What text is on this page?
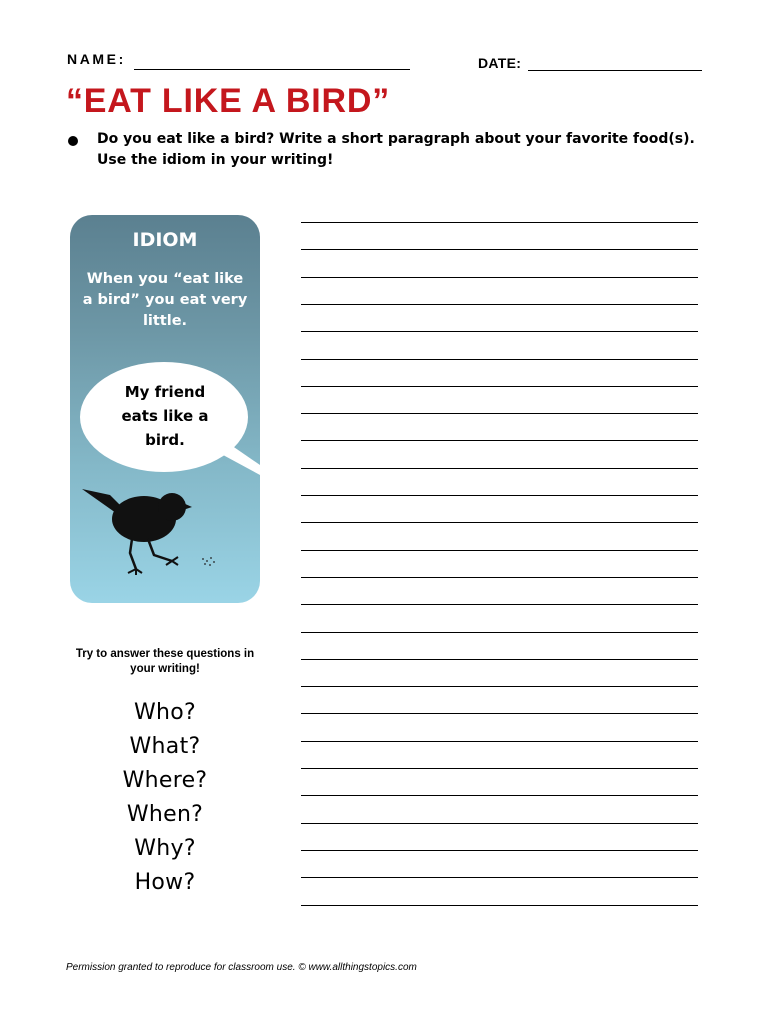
NAME:	DATE:
“EAT LIKE A BIRD”
Do you eat like a bird? Write a short paragraph about your favorite food(s). Use the idiom in your writing!
IDIOM
When you “eat like a bird” you eat very little.
My friend eats like a bird.
Try to answer these questions in your writing!
Who?
What?
Where?
When?
Why?
How?
Permission granted to reproduce for classroom use. © www.allthingstopics.com
